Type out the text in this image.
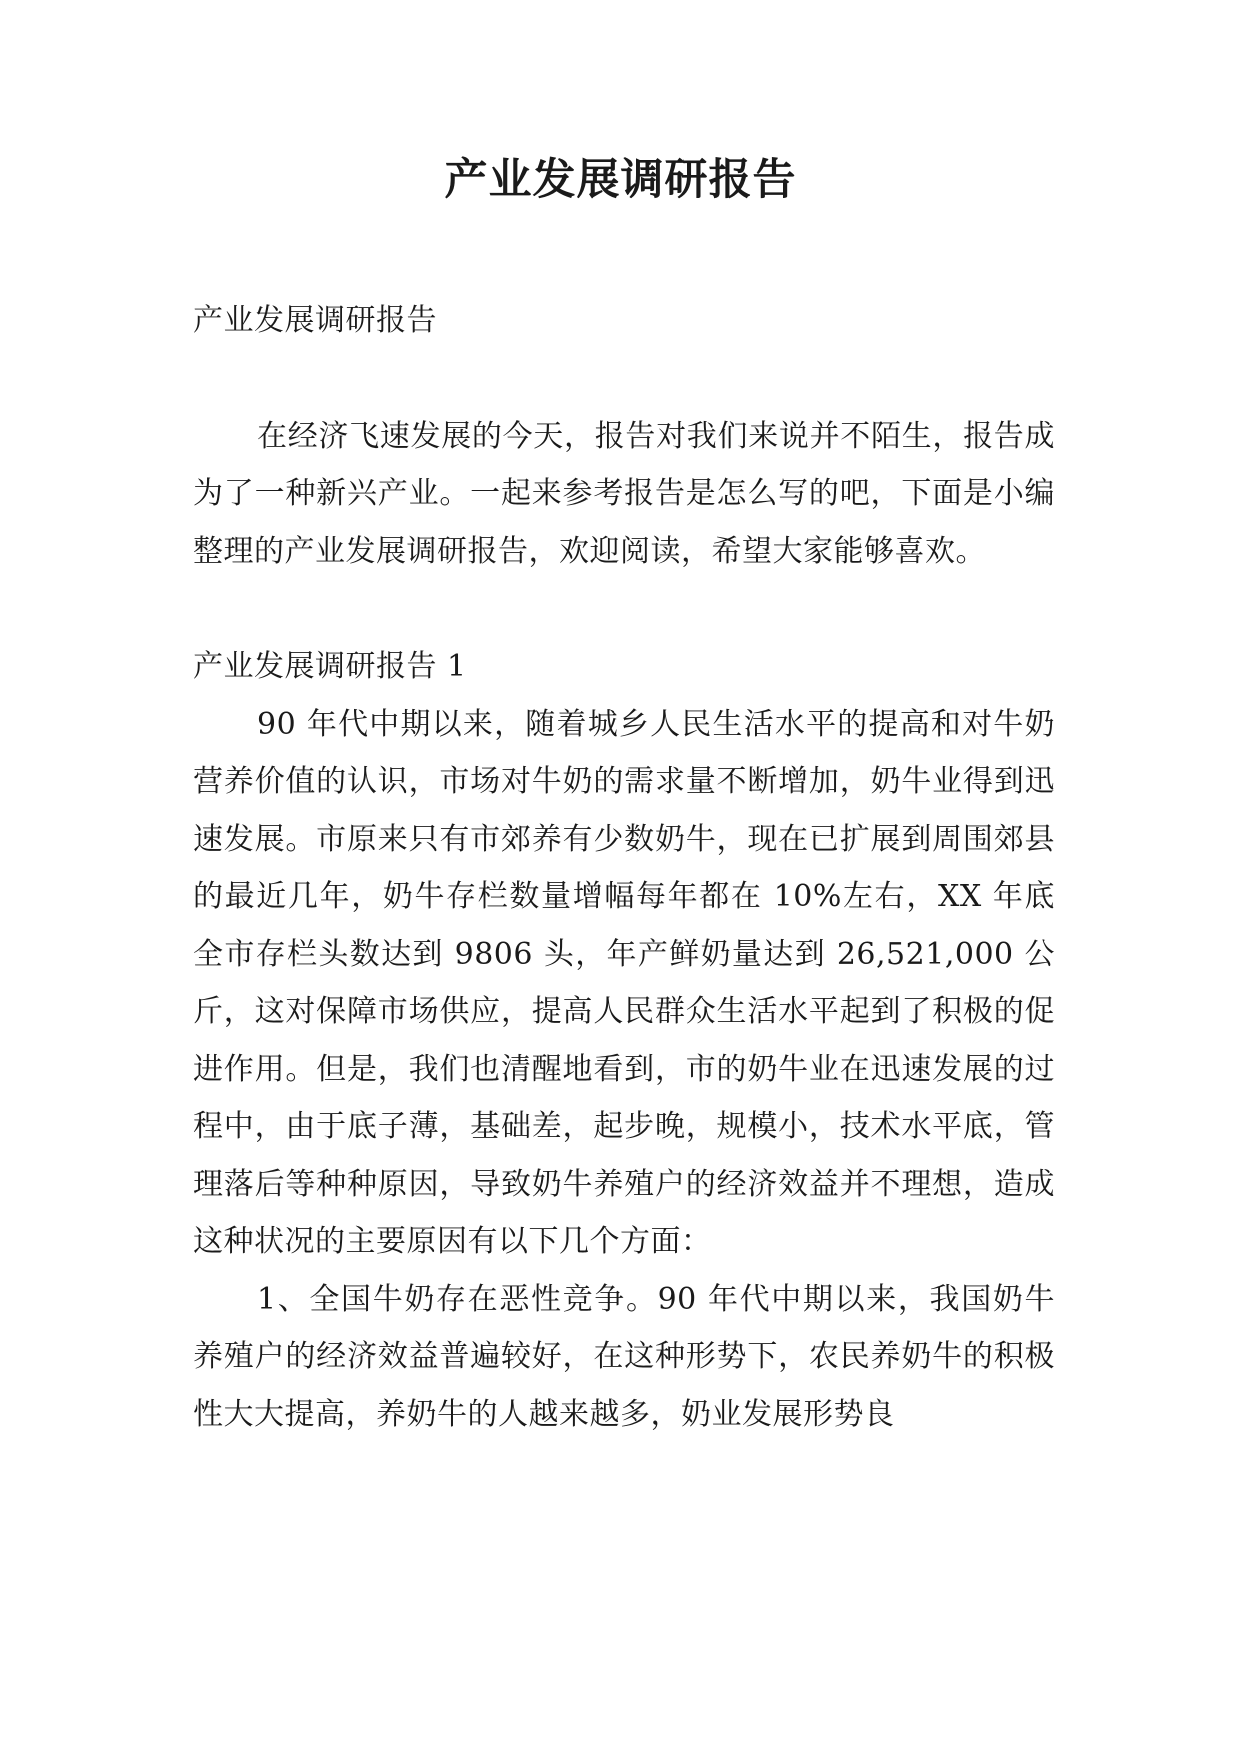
产业发展调研报告

产业发展调研报告

在经济飞速发展的今天，报告对我们来说并不陌生，报告成为了一种新兴产业。一起来参考报告是怎么写的吧，下面是小编整理的产业发展调研报告，欢迎阅读，希望大家能够喜欢。

产业发展调研报告 1

90 年代中期以来，随着城乡人民生活水平的提高和对牛奶营养价值的认识，市场对牛奶的需求量不断增加，奶牛业得到迅速发展。市原来只有市郊养有少数奶牛，现在已扩展到周围郊县的最近几年，奶牛存栏数量增幅每年都在 10%左右，XX 年底全市存栏头数达到 9806 头，年产鲜奶量达到 26,521,000 公斤，这对保障市场供应，提高人民群众生活水平起到了积极的促进作用。但是，我们也清醒地看到，市的奶牛业在迅速发展的过程中，由于底子薄，基础差，起步晚，规模小，技术水平底，管理落后等种种原因，导致奶牛养殖户的经济效益并不理想，造成这种状况的主要原因有以下几个方面：

1、全国牛奶存在恶性竞争。90 年代中期以来，我国奶牛养殖户的经济效益普遍较好，在这种形势下，农民养奶牛的积极性大大提高，养奶牛的人越来越多，奶业发展形势良
